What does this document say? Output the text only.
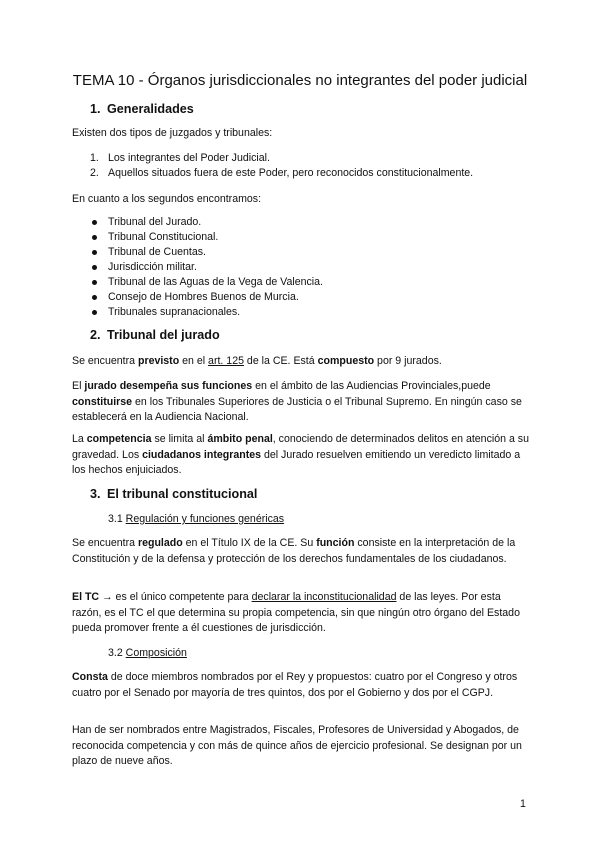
TEMA 10 - Órganos jurisdiccionales no integrantes del poder judicial
1. Generalidades
Existen dos tipos de juzgados y tribunales:
1. Los integrantes del Poder Judicial.
2. Aquellos situados fuera de este Poder, pero reconocidos constitucionalmente.
En cuanto a los segundos encontramos:
Tribunal del Jurado.
Tribunal Constitucional.
Tribunal de Cuentas.
Jurisdicción militar.
Tribunal de las Aguas de la Vega de Valencia.
Consejo de Hombres Buenos de Murcia.
Tribunales supranacionales.
2. Tribunal del jurado
Se encuentra previsto en el art. 125 de la CE. Está compuesto por 9 jurados.
El jurado desempeña sus funciones en el ámbito de las Audiencias Provinciales,puede constituirse en los Tribunales Superiores de Justicia o el Tribunal Supremo. En ningún caso se establecerá en la Audiencia Nacional.
La competencia se limita al ámbito penal, conociendo de determinados delitos en atención a su gravedad. Los ciudadanos integrantes del Jurado resuelven emitiendo un veredicto limitado a los hechos enjuiciados.
3. El tribunal constitucional
3.1 Regulación y funciones genéricas
Se encuentra regulado en el Título IX de la CE. Su función consiste en la interpretación de la Constitución y de la defensa y protección de los derechos fundamentales de los ciudadanos.
El TC → es el único competente para declarar la inconstitucionalidad de las leyes. Por esta razón, es el TC el que determina su propia competencia, sin que ningún otro órgano del Estado pueda promover frente a él cuestiones de jurisdicción.
3.2 Composición
Consta de doce miembros nombrados por el Rey y propuestos: cuatro por el Congreso y otros cuatro por el Senado por mayoría de tres quintos, dos por el Gobierno y dos por el CGPJ.
Han de ser nombrados entre Magistrados, Fiscales, Profesores de Universidad y Abogados, de reconocida competencia y con más de quince años de ejercicio profesional. Se designan por un plazo de nueve años.
1
